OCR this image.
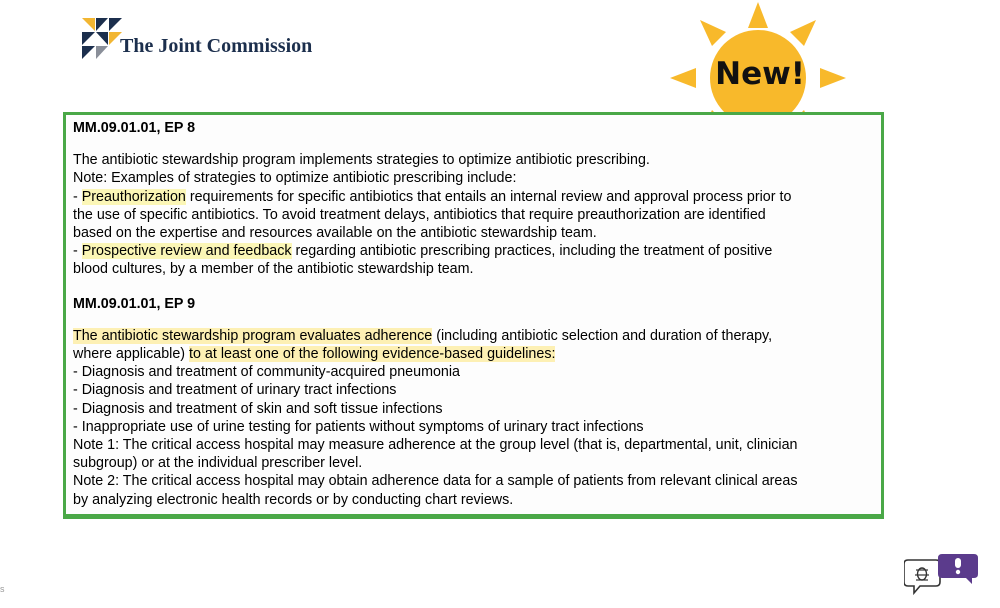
The Joint Commission
New!
MM.09.01.01, EP 8
The antibiotic stewardship program implements strategies to optimize antibiotic prescribing.
Note: Examples of strategies to optimize antibiotic prescribing include:
- Preauthorization requirements for specific antibiotics that entails an internal review and approval process prior to
the use of specific antibiotics. To avoid treatment delays, antibiotics that require preauthorization are identified
based on the expertise and resources available on the antibiotic stewardship team.
- Prospective review and feedback regarding antibiotic prescribing practices, including the treatment of positive
blood cultures, by a member of the antibiotic stewardship team.
MM.09.01.01, EP 9
The antibiotic stewardship program evaluates adherence (including antibiotic selection and duration of therapy,
where applicable) to at least one of the following evidence-based guidelines:
- Diagnosis and treatment of community-acquired pneumonia
- Diagnosis and treatment of urinary tract infections
- Diagnosis and treatment of skin and soft tissue infections
- Inappropriate use of urine testing for patients without symptoms of urinary tract infections
Note 1: The critical access hospital may measure adherence at the group level (that is, departmental, unit, clinician
subgroup) or at the individual prescriber level.
Note 2: The critical access hospital may obtain adherence data for a sample of patients from relevant clinical areas
by analyzing electronic health records or by conducting chart reviews.
s
